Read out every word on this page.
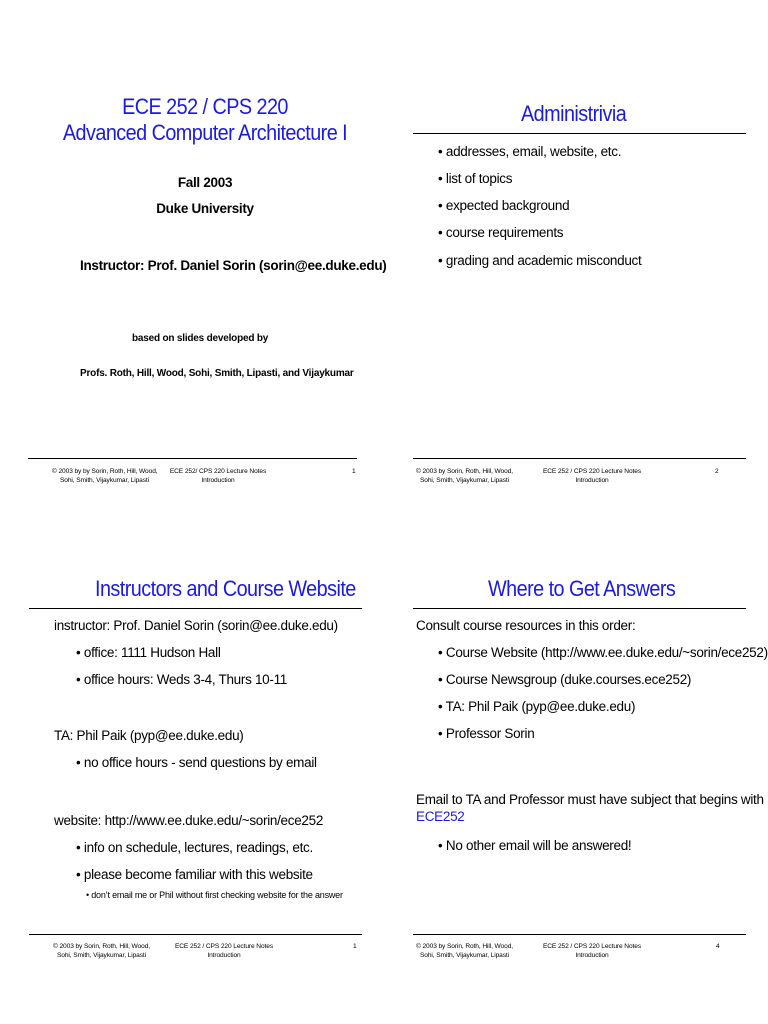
ECE 252 / CPS 220
Advanced Computer Architecture I
Fall 2003
Duke University
Instructor: Prof. Daniel Sorin (sorin@ee.duke.edu)
based on slides developed by
Profs. Roth, Hill, Wood, Sohi, Smith, Lipasti, and Vijaykumar
© 2003 by by Sorin, Roth, Hill, Wood,
Sohi, Smith, Vijaykumar, Lipasti
ECE 252/ CPS 220 Lecture Notes
Introduction
1
Administrivia
• addresses, email, website, etc.
• list of topics
• expected background
• course requirements
• grading and academic misconduct
© 2003 by Sorin, Roth, Hill, Wood,
Sohi, Smith, Vijaykumar, Lipasti
ECE 252 / CPS 220 Lecture Notes
Introduction
2
Instructors and Course Website
instructor: Prof. Daniel Sorin (sorin@ee.duke.edu)
• office: 1111 Hudson Hall
• office hours: Weds 3-4, Thurs 10-11
TA: Phil Paik (pyp@ee.duke.edu)
• no office hours - send questions by email
website: http://www.ee.duke.edu/~sorin/ece252
• info on schedule, lectures, readings, etc.
• please become familiar with this website
• don’t email me or Phil without first checking website for the answer
© 2003 by Sorin, Roth, Hill, Wood,
Sohi, Smith, Vijaykumar, Lipasti
ECE 252 / CPS 220 Lecture Notes
Introduction
1
Where to Get Answers
Consult course resources in this order:
• Course Website (http://www.ee.duke.edu/~sorin/ece252)
• Course Newsgroup (duke.courses.ece252)
• TA: Phil Paik (pyp@ee.duke.edu)
• Professor Sorin
Email to TA and Professor must have subject that begins with
ECE252
• No other email will be answered!
© 2003 by Sorin, Roth, Hill, Wood,
Sohi, Smith, Vijaykumar, Lipasti
ECE 252 / CPS 220 Lecture Notes
Introduction
4
